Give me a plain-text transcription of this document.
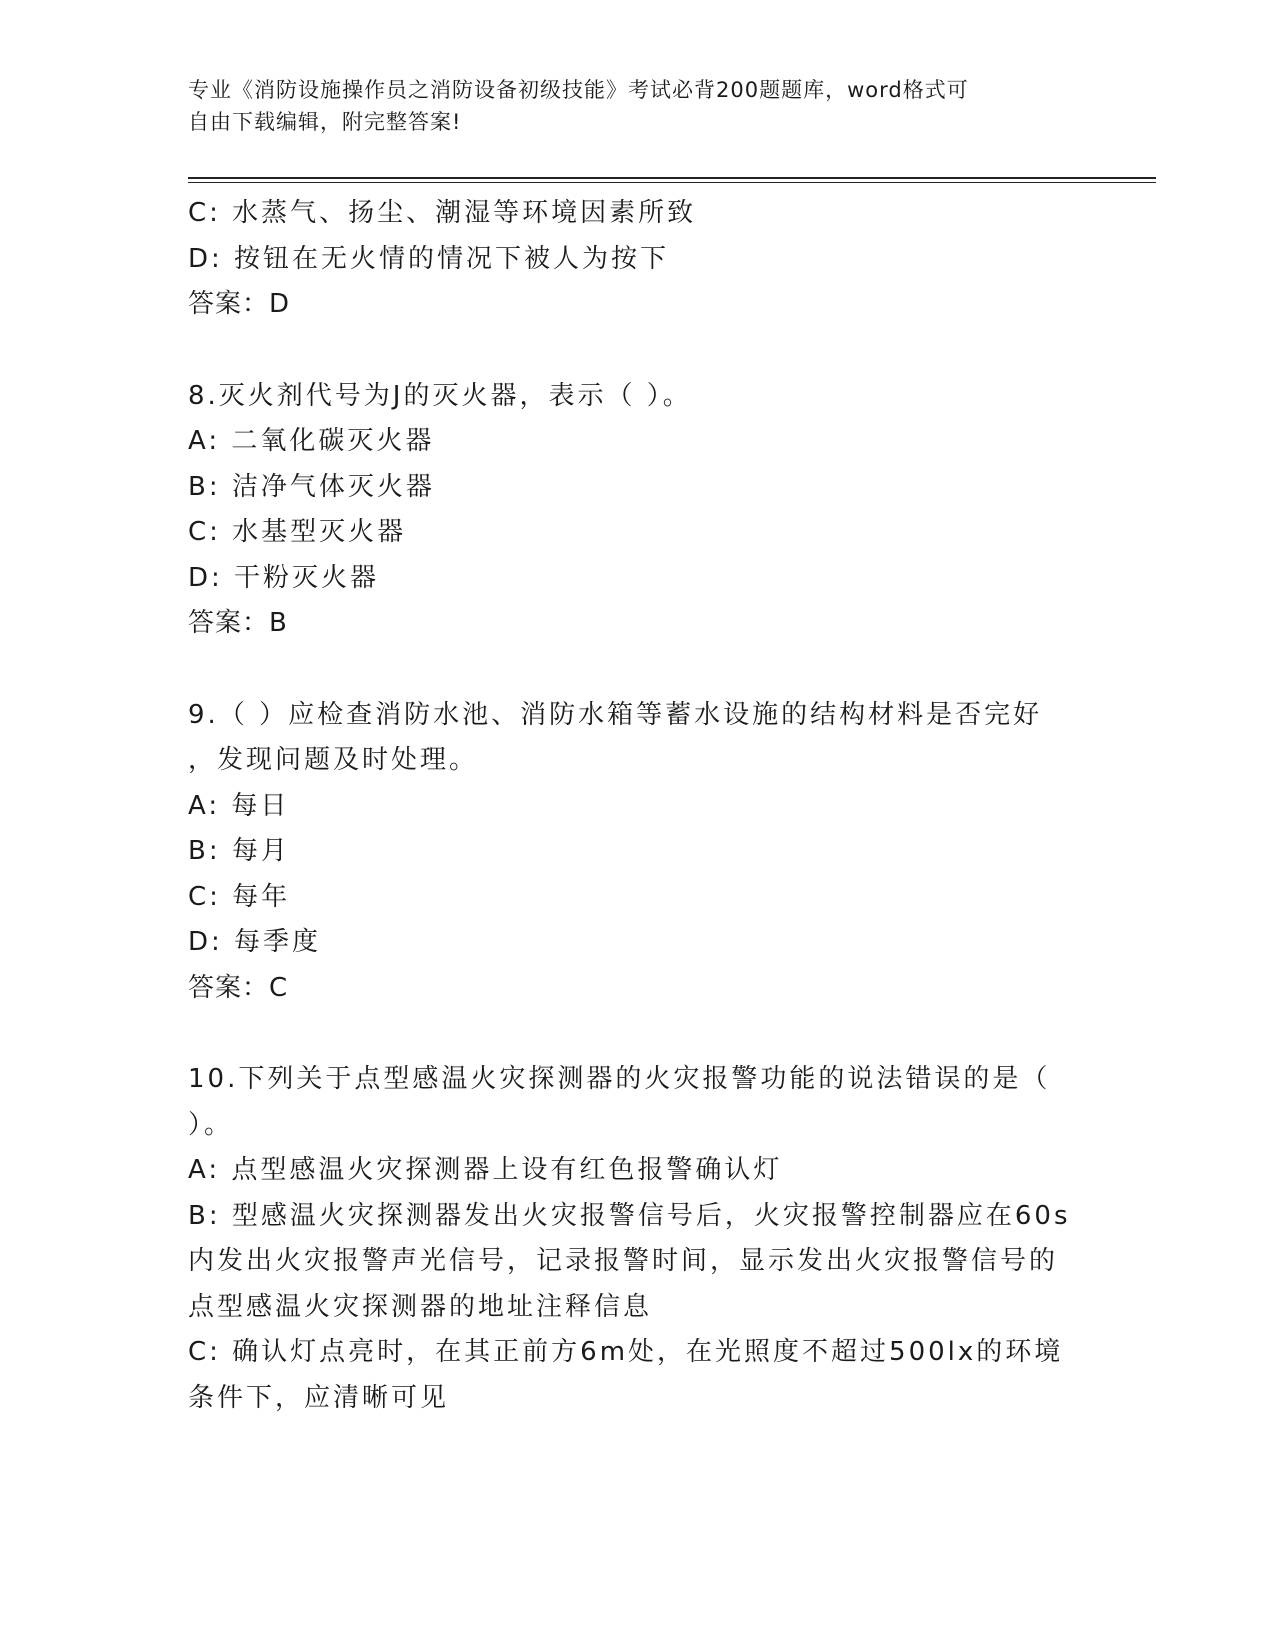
专业《消防设施操作员之消防设备初级技能》考试必背200题题库，word格式可
自由下载编辑，附完整答案!
C: 水蒸气、扬尘、潮湿等环境因素所致
D: 按钮在无火情的情况下被人为按下
答案：D
8.灭火剂代号为J的灭火器，表示（ ）。
A: 二氧化碳灭火器
B: 洁净气体灭火器
C: 水基型灭火器
D: 干粉灭火器
答案：B
9.（ ）应检查消防水池、消防水箱等蓄水设施的结构材料是否完好
，发现问题及时处理。
A: 每日
B: 每月
C: 每年
D: 每季度
答案：C
10.下列关于点型感温火灾探测器的火灾报警功能的说法错误的是（
）。
A: 点型感温火灾探测器上设有红色报警确认灯
B: 型感温火灾探测器发出火灾报警信号后，火灾报警控制器应在60s
内发出火灾报警声光信号，记录报警时间，显示发出火灾报警信号的
点型感温火灾探测器的地址注释信息
C: 确认灯点亮时，在其正前方6m处，在光照度不超过500lx的环境
条件下，应清晰可见
